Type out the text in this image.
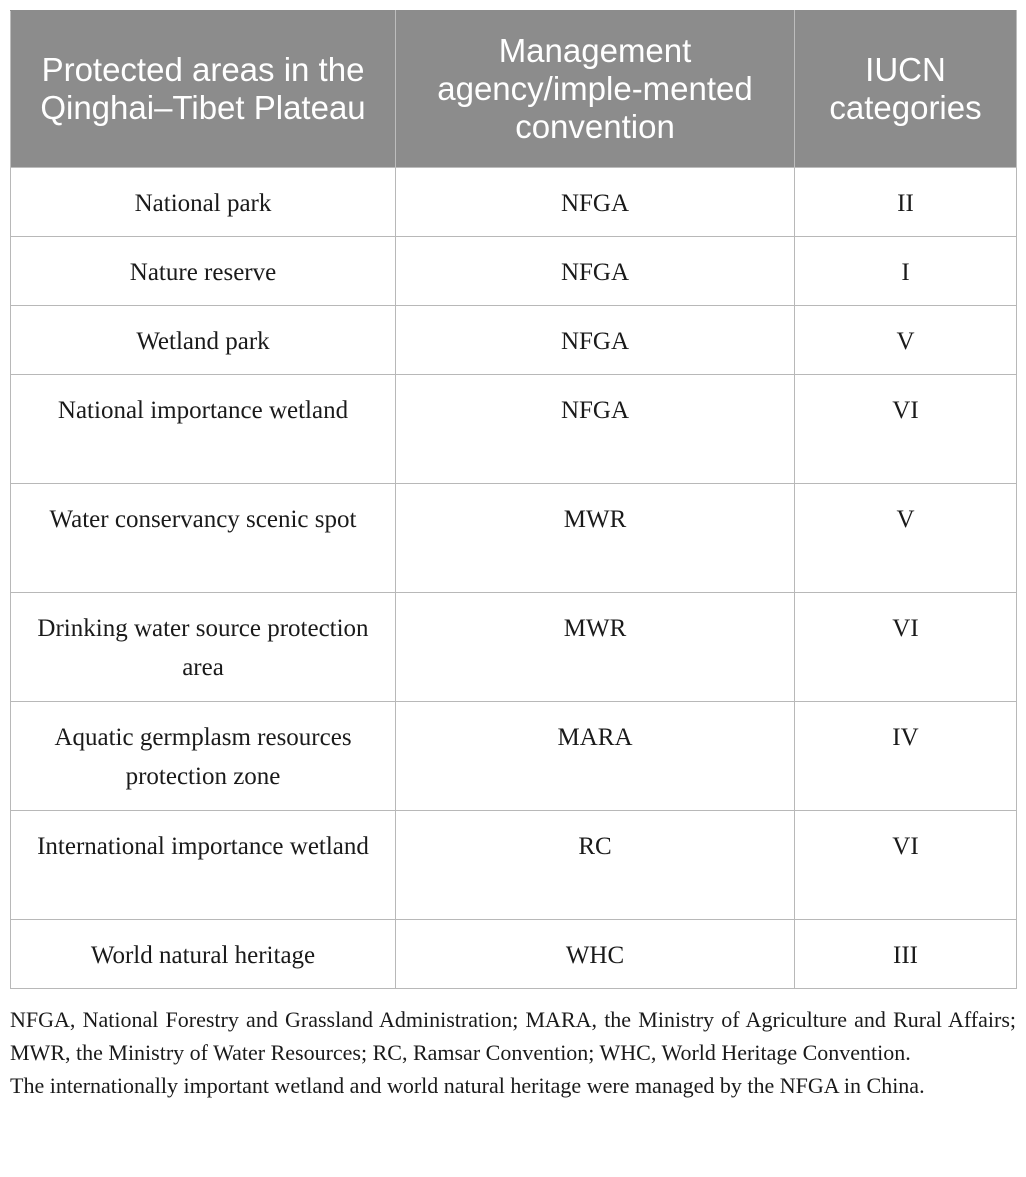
Protected areas in the Qinghai–Tibet Plateau	Management agency/imple-mented convention	IUCN categories
National park	NFGA	II
Nature reserve	NFGA	I
Wetland park	NFGA	V
National importance wetland	NFGA	VI
Water conservancy scenic spot	MWR	V
Drinking water source protection area	MWR	VI
Aquatic germplasm resources protection zone	MARA	IV
International importance wetland	RC	VI
World natural heritage	WHC	III

NFGA, National Forestry and Grassland Administration; MARA, the Ministry of Agriculture and Rural Affairs; MWR, the Ministry of Water Resources; RC, Ramsar Convention; WHC, World Heritage Convention.

The internationally important wetland and world natural heritage were managed by the NFGA in China.
